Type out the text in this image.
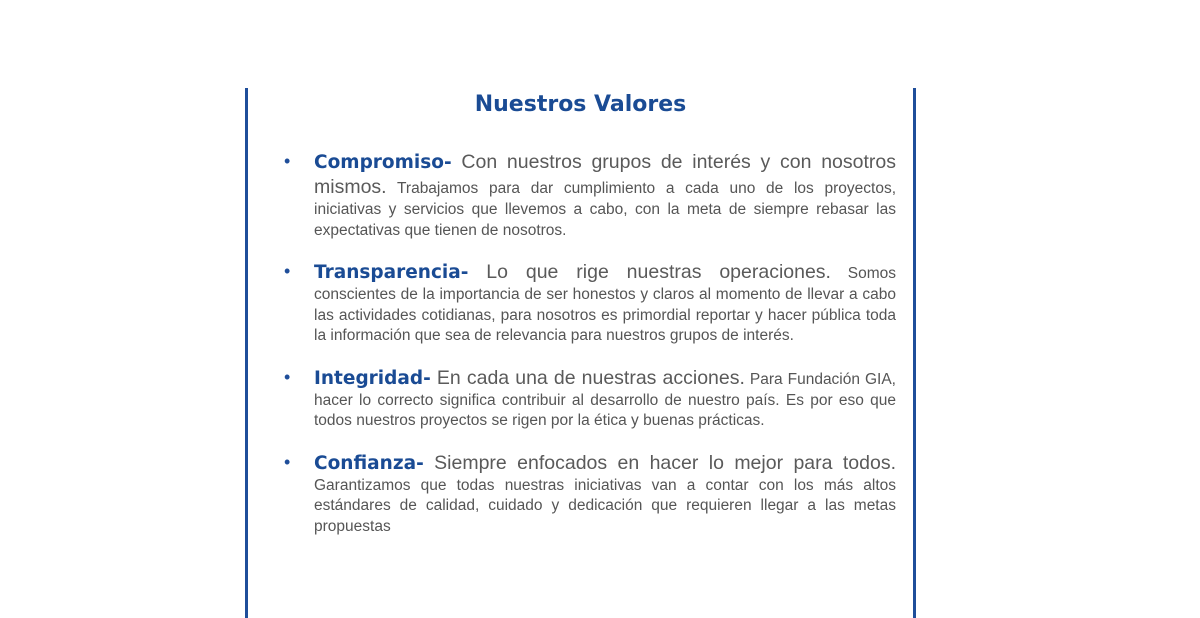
Nuestros Valores
• Compromiso- Con nuestros grupos de interés y con nosotros mismos. Trabajamos para dar cumplimiento a cada uno de los proyectos, iniciativas y servicios que llevemos a cabo, con la meta de siempre rebasar las expectativas que tienen de nosotros.
• Transparencia- Lo que rige nuestras operaciones. Somos conscientes de la importancia de ser honestos y claros al momento de llevar a cabo las actividades cotidianas, para nosotros es primordial reportar y hacer pública toda la información que sea de relevancia para nuestros grupos de interés.
• Integridad- En cada una de nuestras acciones. Para Fundación GIA, hacer lo correcto significa contribuir al desarrollo de nuestro país. Es por eso que todos nuestros proyectos se rigen por la ética y buenas prácticas.
• Confianza- Siempre enfocados en hacer lo mejor para todos. Garantizamos que todas nuestras iniciativas van a contar con los más altos estándares de calidad, cuidado y dedicación que requieren llegar a las metas propuestas
